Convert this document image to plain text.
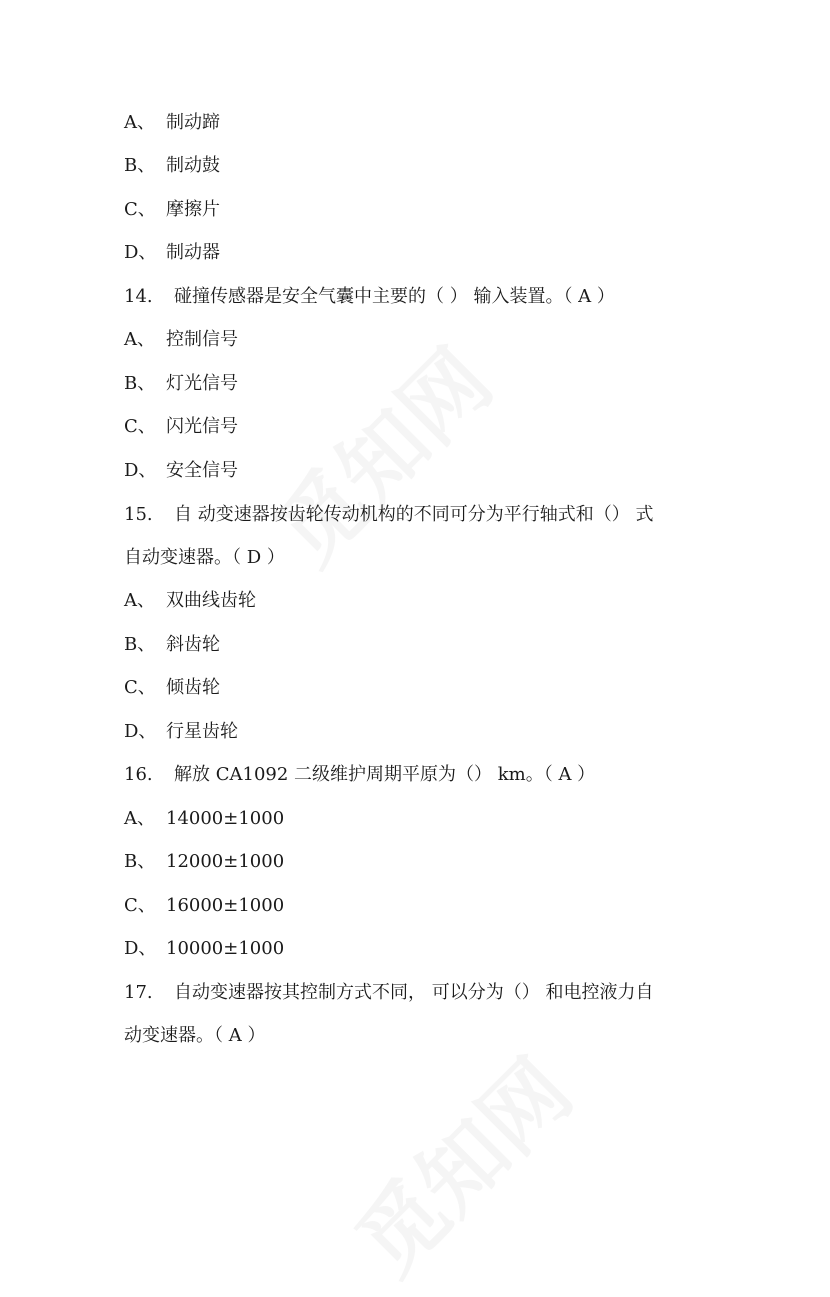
A、 制动蹄
B、 制动鼓
C、 摩擦片
D、 制动器
14. 碰撞传感器是安全气囊中主要的（ ） 输入装置。（ A ）
A、 控制信号
B、 灯光信号
C、 闪光信号
D、 安全信号
15. 自 动变速器按齿轮传动机构的不同可分为平行轴式和（） 式
自动变速器。（ D ）
A、 双曲线齿轮
B、 斜齿轮
C、 倾齿轮
D、 行星齿轮
16. 解放 CA1092 二级维护周期平原为（） km。（ A ）
A、 14000±1000
B、 12000±1000
C、 16000±1000
D、 10000±1000
17. 自动变速器按其控制方式不同， 可以分为（） 和电控液力自
动变速器。（ A ）
